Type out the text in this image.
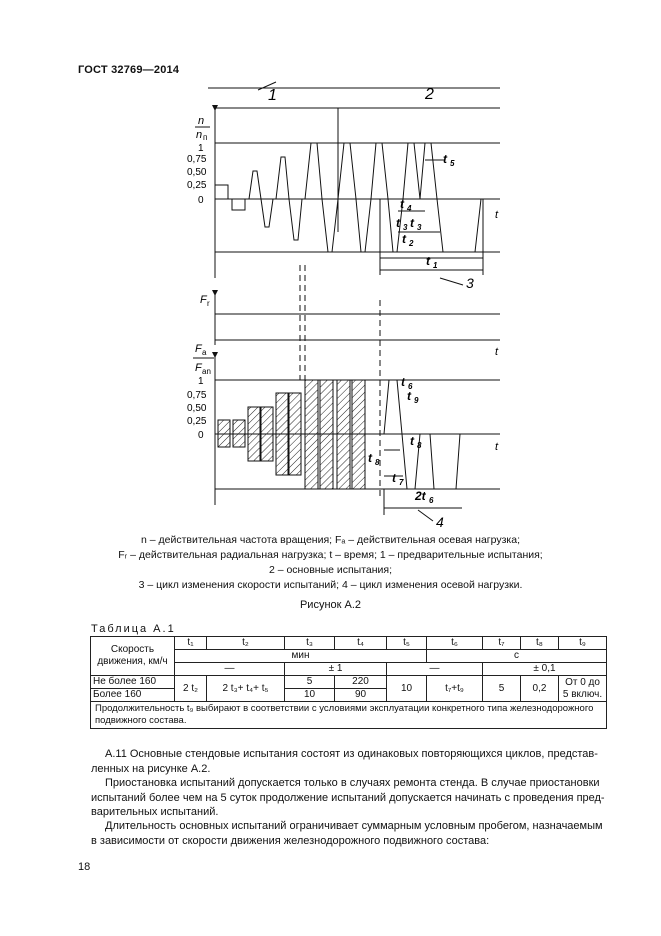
ГОСТ 32769—2014
1	2
3
n
n п
1
0,75
0,50
0,25
0
t
t 5
t 4
t 3 t 3
t 2
t 1
F r
t
F a
F an
1
0,75
0,50
0,25
0
t
t 6
t 9
t 8
t 8
t 7
2t 6
4
n – действительная частота вращения; Fₐ – действительная осевая нагрузка;
Fᵣ – действительная радиальная нагрузка; t – время; 1 – предварительные испытания;
2 – основные испытания;
3 – цикл изменения скорости испытаний; 4 – цикл изменения осевой нагрузки.
Рисунок А.2
Таблица А.1
Скорость движения, км/ч	t₁	t₂	t₃	t₄	t₅	t₆	t₇	t₈	t₉
	мин					с			
	—		± 1		—		± 0,1		
Не более 160	2 t₂	2 t₃+ t₄+ t₅	5	220	10	t₇+t₉	5	0,2	От 0 до 5 включ.
Более 160			10	90					
Продолжительность t₉ выбирают в соответствии с условиями эксплуатации конкретного типа железнодорожного подвижного состава.									
А.11 Основные стендовые испытания состоят из одинаковых повторяющихся циклов, представ-
ленных на рисунке А.2.
Приостановка испытаний допускается только в случаях ремонта стенда. В случае приостановки
испытаний более чем на 5 суток продолжение испытаний допускается начинать с проведения пред-
варительных испытаний.
Длительность основных испытаний ограничивает суммарным условным пробегом, назначаемым
в зависимости от скорости движения железнодорожного подвижного состава:
18
